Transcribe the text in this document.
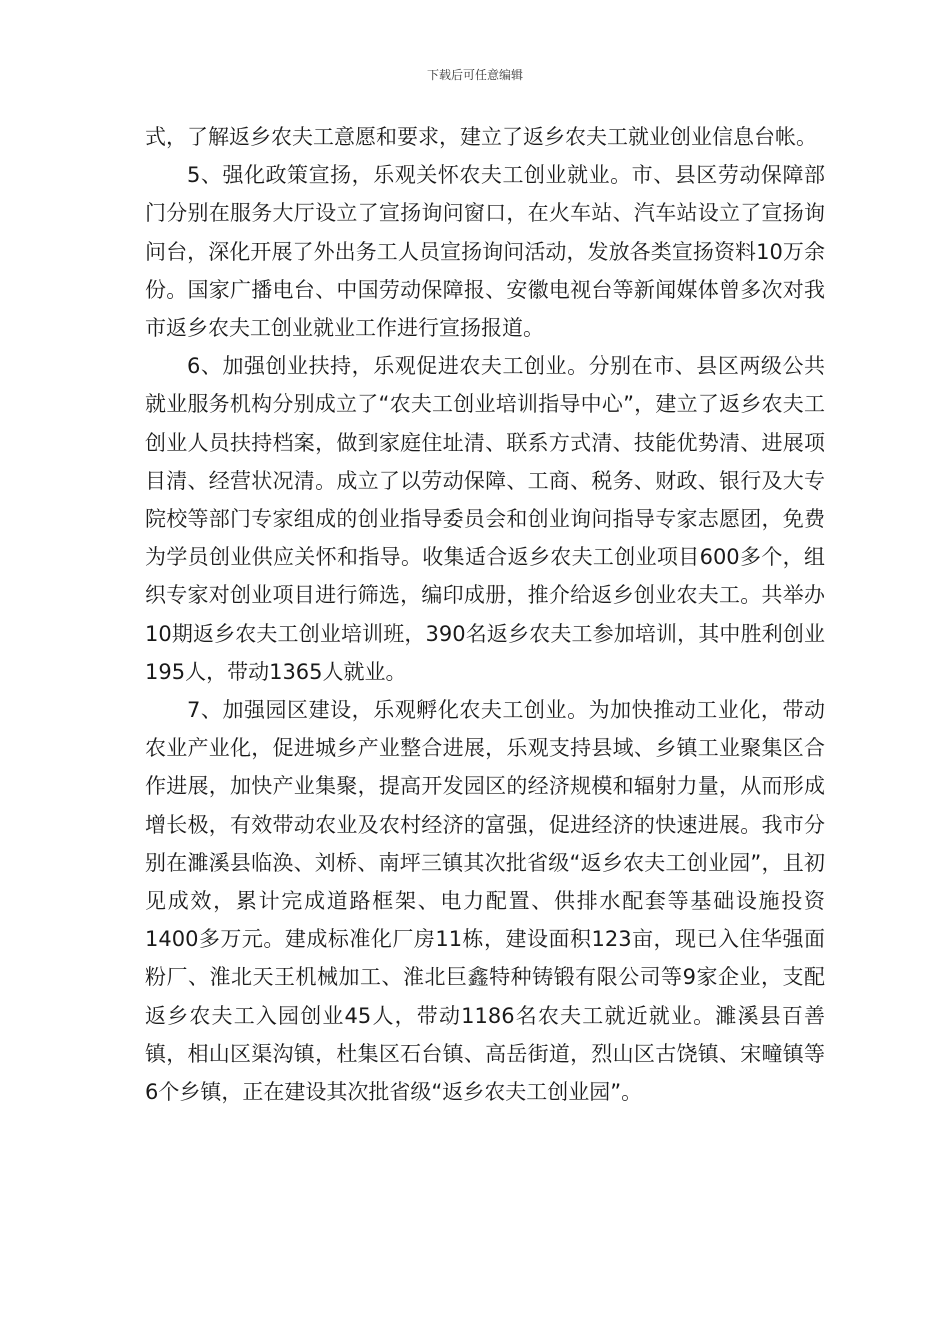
下载后可任意编辑

式，了解返乡农夫工意愿和要求，建立了返乡农夫工就业创业信息台帐。

5、强化政策宣扬，乐观关怀农夫工创业就业。市、县区劳动保障部门分别在服务大厅设立了宣扬询问窗口，在火车站、汽车站设立了宣扬询问台，深化开展了外出务工人员宣扬询问活动，发放各类宣扬资料10万余份。国家广播电台、中国劳动保障报、安徽电视台等新闻媒体曾多次对我市返乡农夫工创业就业工作进行宣扬报道。

6、加强创业扶持，乐观促进农夫工创业。分别在市、县区两级公共就业服务机构分别成立了“农夫工创业培训指导中心”，建立了返乡农夫工创业人员扶持档案，做到家庭住址清、联系方式清、技能优势清、进展项目清、经营状况清。成立了以劳动保障、工商、税务、财政、银行及大专院校等部门专家组成的创业指导委员会和创业询问指导专家志愿团，免费为学员创业供应关怀和指导。收集适合返乡农夫工创业项目600多个，组织专家对创业项目进行筛选，编印成册，推介给返乡创业农夫工。共举办10期返乡农夫工创业培训班，390名返乡农夫工参加培训，其中胜利创业195人，带动1365人就业。

7、加强园区建设，乐观孵化农夫工创业。为加快推动工业化，带动农业产业化，促进城乡产业整合进展，乐观支持县域、乡镇工业聚集区合作进展，加快产业集聚，提高开发园区的经济规模和辐射力量，从而形成增长极，有效带动农业及农村经济的富强，促进经济的快速进展。我市分别在濉溪县临涣、刘桥、南坪三镇其次批省级“返乡农夫工创业园”，且初见成效，累计完成道路框架、电力配置、供排水配套等基础设施投资1400多万元。建成标准化厂房11栋，建设面积123亩，现已入住华强面粉厂、淮北天王机械加工、淮北巨鑫特种铸锻有限公司等9家企业，支配返乡农夫工入园创业45人，带动1186名农夫工就近就业。濉溪县百善镇，相山区渠沟镇，杜集区石台镇、高岳街道，烈山区古饶镇、宋疃镇等6个乡镇，正在建设其次批省级“返乡农夫工创业园”。
